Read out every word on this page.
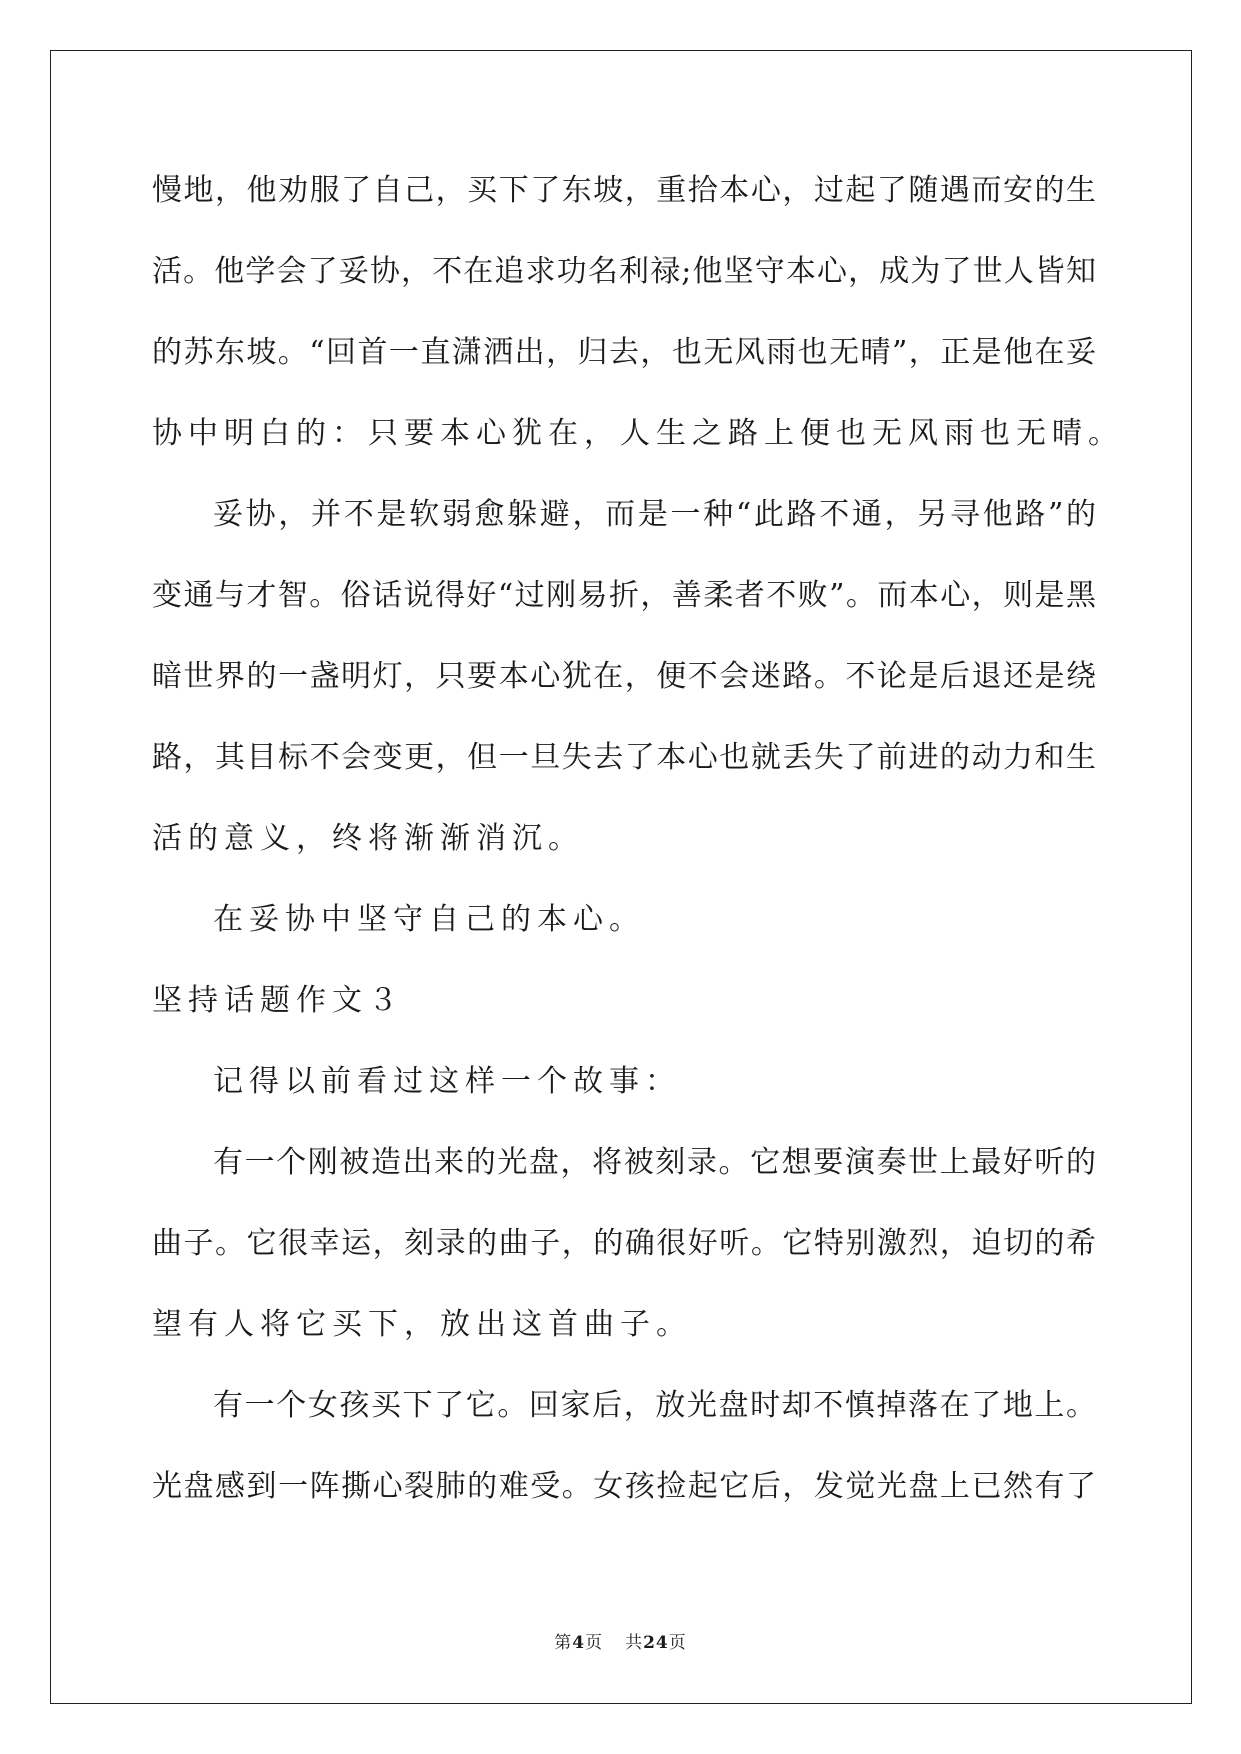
慢地，他劝服了自己，买下了东坡，重拾本心，过起了随遇而安的生
活。他学会了妥协，不在追求功名利禄;他坚守本心，成为了世人皆知
的苏东坡。“回首一直潇洒出，归去，也无风雨也无晴”，正是他在妥
协中明白的：只要本心犹在，人生之路上便也无风雨也无晴。
妥协，并不是软弱愈躲避，而是一种“此路不通，另寻他路”的
变通与才智。俗话说得好“过刚易折，善柔者不败”。而本心，则是黑
暗世界的一盏明灯，只要本心犹在，便不会迷路。不论是后退还是绕
路，其目标不会变更，但一旦失去了本心也就丢失了前进的动力和生
活的意义，终将渐渐消沉。
在妥协中坚守自己的本心。
坚持话题作文３
记得以前看过这样一个故事：
有一个刚被造出来的光盘，将被刻录。它想要演奏世上最好听的
曲子。它很幸运，刻录的曲子，的确很好听。它特别激烈，迫切的希
望有人将它买下，放出这首曲子。
有一个女孩买下了它。回家后，放光盘时却不慎掉落在了地上。
光盘感到一阵撕心裂肺的难受。女孩捡起它后，发觉光盘上已然有了
第4页 共24页
